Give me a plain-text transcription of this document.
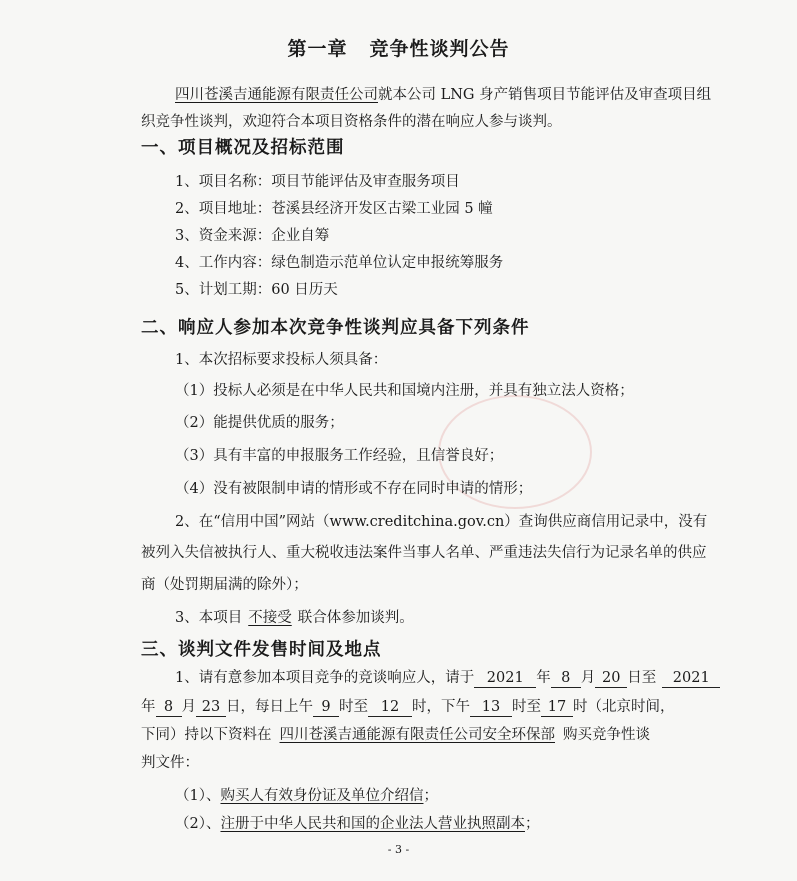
第一章 竞争性谈判公告
四川苍溪吉通能源有限责任公司就本公司 LNG 身产销售项目节能评估及审查项目组
织竞争性谈判，欢迎符合本项目资格条件的潜在响应人参与谈判。
一、项目概况及招标范围
1、项目名称：项目节能评估及审查服务项目
2、项目地址：苍溪县经济开发区古梁工业园 5 幢
3、资金来源：企业自筹
4、工作内容：绿色制造示范单位认定申报统筹服务
5、计划工期：60 日历天
二、响应人参加本次竞争性谈判应具备下列条件
1、本次招标要求投标人须具备：
（1）投标人必须是在中华人民共和国境内注册，并具有独立法人资格；
（2）能提供优质的服务；
（3）具有丰富的申报服务工作经验，且信誉良好；
（4）没有被限制申请的情形或不存在同时申请的情形；
2、在“信用中国”网站（www.creditchina.gov.cn）查询供应商信用记录中，没有
被列入失信被执行人、重大税收违法案件当事人名单、严重违法失信行为记录名单的供应
商（处罚期届满的除外）；
3、本项目 不接受 联合体参加谈判。
三、谈判文件发售时间及地点
1、请有意参加本项目竞争的竞谈响应人，请于 2021 年 8 月 20 日至 2021
年 8 月 23 日，每日上午 9 时至 12 时，下午 13 时至 17 时（北京时间，
下同）持以下资料在 四川苍溪吉通能源有限责任公司安全环保部 购买竞争性谈
判文件：
（1）、购买人有效身份证及单位介绍信；
（2）、注册于中华人民共和国的企业法人营业执照副本；
- 3 -
